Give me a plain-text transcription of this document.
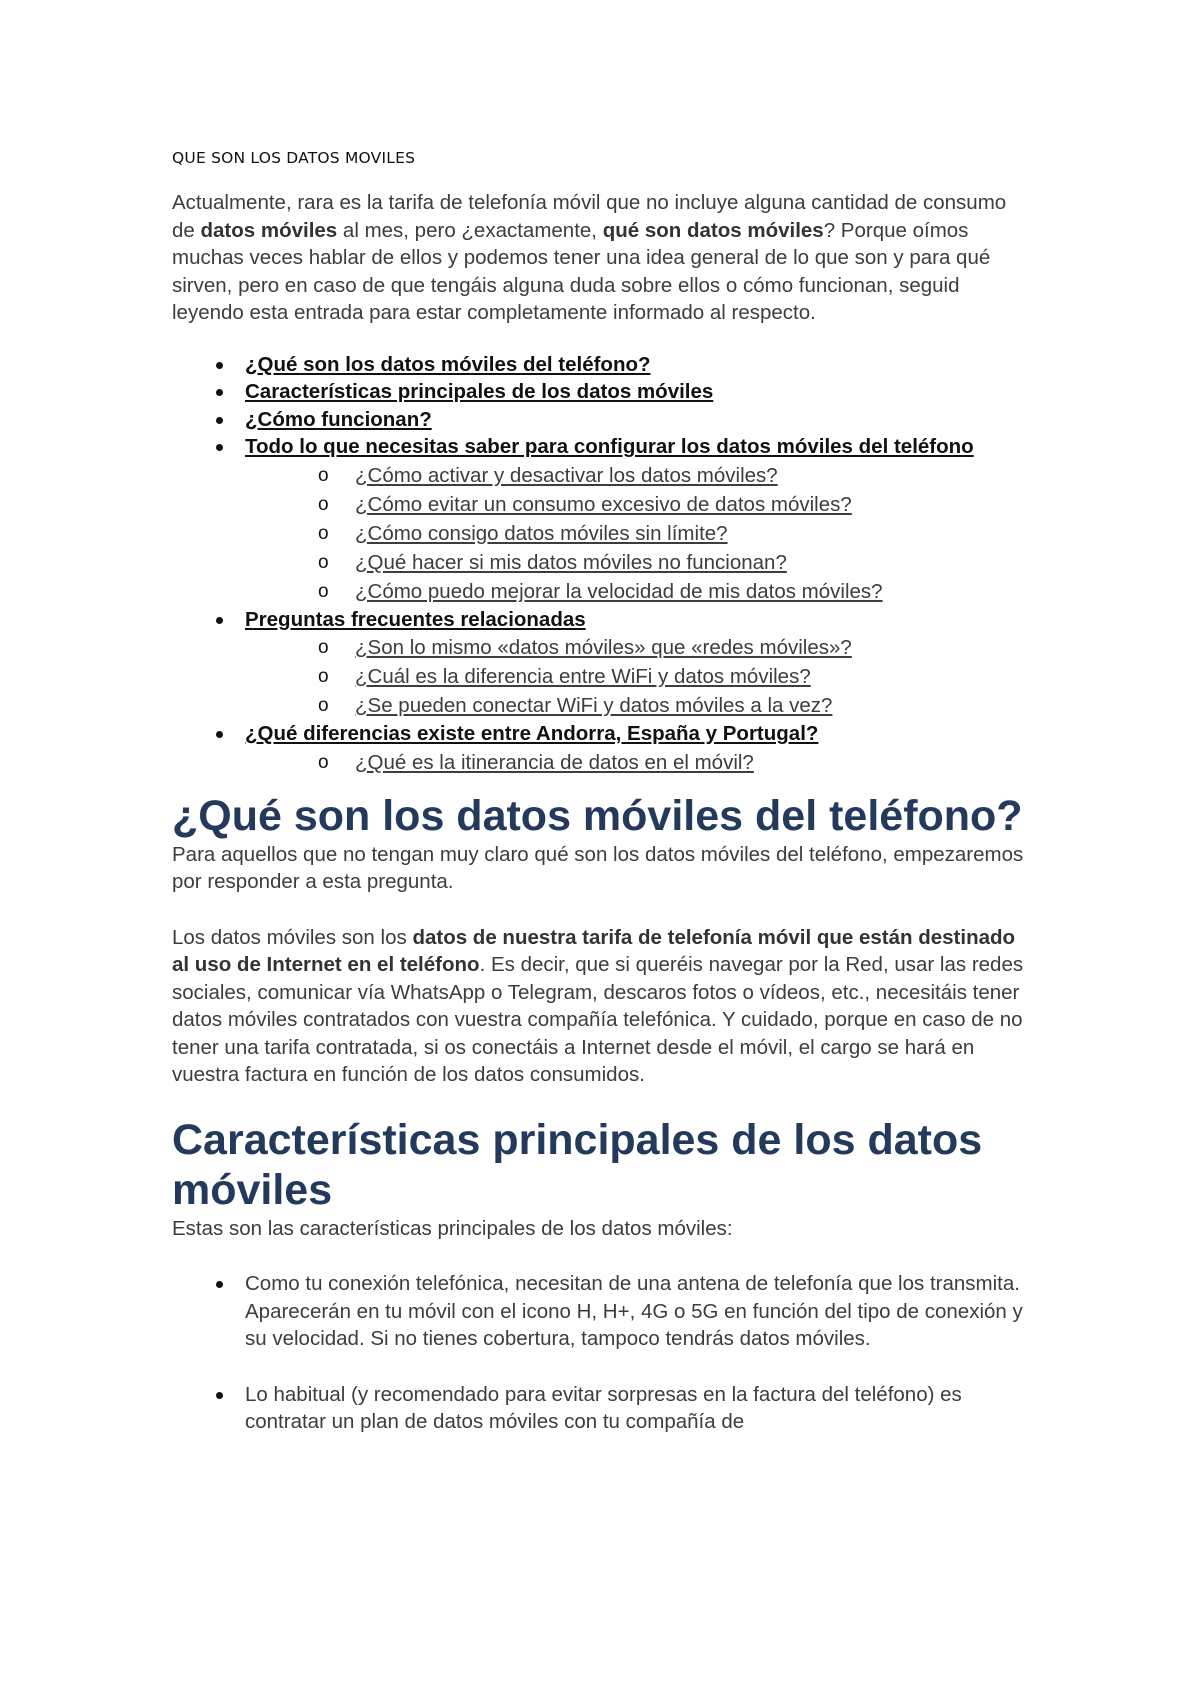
QUE SON LOS DATOS MOVILES

Actualmente, rara es la tarifa de telefonía móvil que no incluye alguna cantidad de consumo de datos móviles al mes, pero ¿exactamente, qué son datos móviles? Porque oímos muchas veces hablar de ellos y podemos tener una idea general de lo que son y para qué sirven, pero en caso de que tengáis alguna duda sobre ellos o cómo funcionan, seguid leyendo esta entrada para estar completamente informado al respecto.

¿Qué son los datos móviles del teléfono?
Características principales de los datos móviles
¿Cómo funcionan?
Todo lo que necesitas saber para configurar los datos móviles del teléfono
o ¿Cómo activar y desactivar los datos móviles?
o ¿Cómo evitar un consumo excesivo de datos móviles?
o ¿Cómo consigo datos móviles sin límite?
o ¿Qué hacer si mis datos móviles no funcionan?
o ¿Cómo puedo mejorar la velocidad de mis datos móviles?
Preguntas frecuentes relacionadas
o ¿Son lo mismo «datos móviles» que «redes móviles»?
o ¿Cuál es la diferencia entre WiFi y datos móviles?
o ¿Se pueden conectar WiFi y datos móviles a la vez?
¿Qué diferencias existe entre Andorra, España y Portugal?
o ¿Qué es la itinerancia de datos en el móvil?
¿Qué son los datos móviles del teléfono?

Para aquellos que no tengan muy claro qué son los datos móviles del teléfono, empezaremos por responder a esta pregunta.

Los datos móviles son los datos de nuestra tarifa de telefonía móvil que están destinado al uso de Internet en el teléfono. Es decir, que si queréis navegar por la Red, usar las redes sociales, comunicar vía WhatsApp o Telegram, descaros fotos o vídeos, etc., necesitáis tener datos móviles contratados con vuestra compañía telefónica. Y cuidado, porque en caso de no tener una tarifa contratada, si os conectáis a Internet desde el móvil, el cargo se hará en vuestra factura en función de los datos consumidos.

Características principales de los datos móviles

Estas son las características principales de los datos móviles:

Como tu conexión telefónica, necesitan de una antena de telefonía que los transmita. Aparecerán en tu móvil con el icono H, H+, 4G o 5G en función del tipo de conexión y su velocidad. Si no tienes cobertura, tampoco tendrás datos móviles.
Lo habitual (y recomendado para evitar sorpresas en la factura del teléfono) es contratar un plan de datos móviles con tu compañía de
